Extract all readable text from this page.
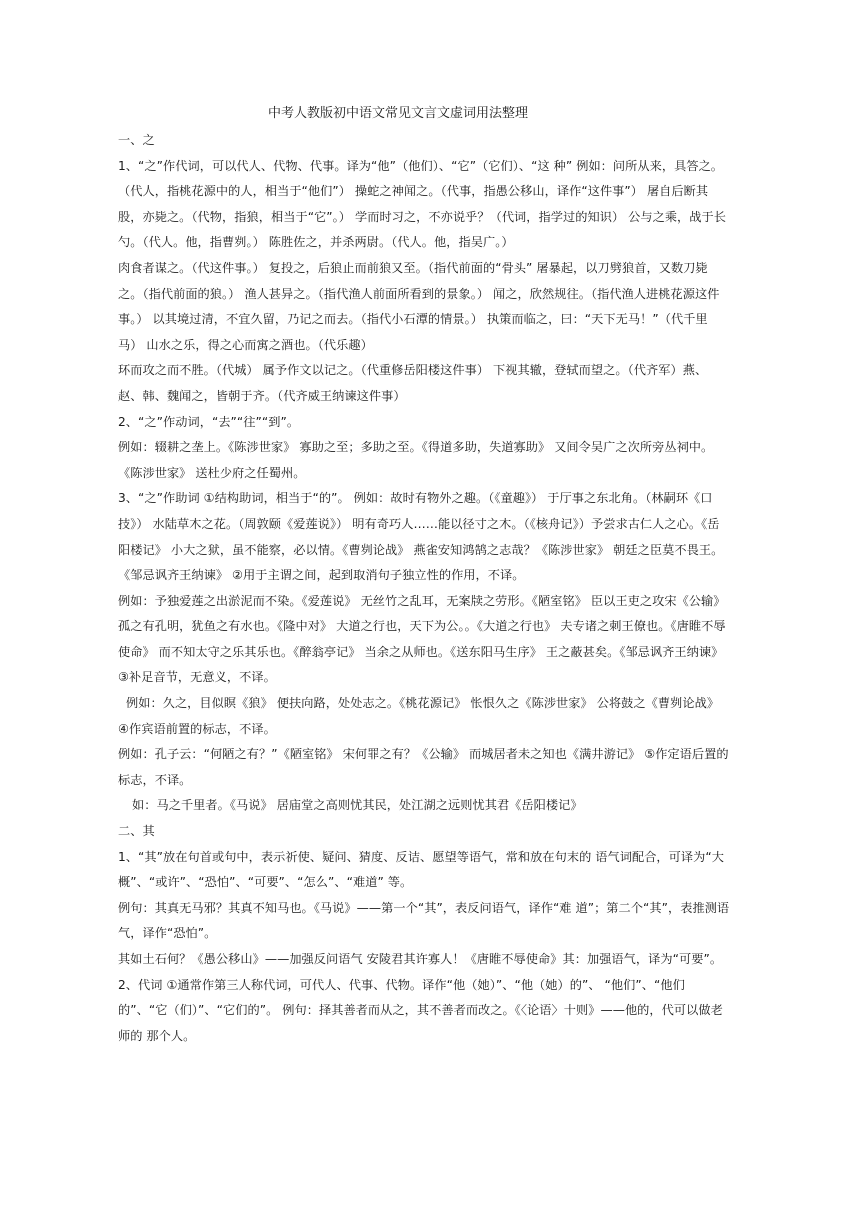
中考人教版初中语文常见文言文虚词用法整理

一、之

1、“之”作代词，可以代人、代物、代事。译为“他”（他们）、“它”（它们）、“这 种” 例如：问所从来，具答之。（代人，指桃花源中的人，相当于“他们”） 操蛇之神闻之。（代事，指愚公移山，译作“这件事”） 屠自后断其股，亦毙之。（代物，指狼，相当于“它”。） 学而时习之，不亦说乎？（代词，指学过的知识） 公与之乘，战于长勺。（代人。他，指曹刿。） 陈胜佐之，并杀两尉。（代人。他，指吴广。）

肉食者谋之。（代这件事。） 复投之，后狼止而前狼又至。（指代前面的“骨头” 屠暴起，以刀劈狼首，又数刀毙之。（指代前面的狼。） 渔人甚异之。（指代渔人前面所看到的景象。） 闻之，欣然规往。（指代渔人进桃花源这件事。） 以其境过清，不宜久留，乃记之而去。（指代小石潭的情景。） 执策而临之，曰：“天下无马！”（代千里马） 山水之乐，得之心而寓之酒也。（代乐趣）

环而攻之而不胜。（代城） 属予作文以记之。（代重修岳阳楼这件事） 下视其辙，登轼而望之。（代齐军）燕、赵、韩、魏闻之，皆朝于齐。（代齐威王纳谏这件事）

2、“之”作动词，“去”“往”“到”。

例如：辍耕之垄上。《陈涉世家》 寡助之至；多助之至。《得道多助，失道寡助》 又间令吴广之次所旁丛祠中。《陈涉世家》 送杜少府之任蜀州。

3、“之”作助词 ①结构助词，相当于“的”。 例如：故时有物外之趣。（《童趣》） 于厅事之东北角。（林嗣环《口技》） 水陆草木之花。（周敦颐《爱莲说》） 明有奇巧人……能以径寸之木。（《核舟记》）予尝求古仁人之心。《岳阳楼记》 小大之狱，虽不能察，必以情。《曹刿论战》 燕雀安知鸿鹄之志哉？《陈涉世家》 朝廷之臣莫不畏王。《邹忌讽齐王纳谏》 ②用于主谓之间，起到取消句子独立性的作用，不译。

例如：予独爱莲之出淤泥而不染。《爱莲说》 无丝竹之乱耳，无案牍之劳形。《陋室铭》 臣以王吏之攻宋《公输》 孤之有孔明，犹鱼之有水也。《隆中对》 大道之行也，天下为公。。《大道之行也》 夫专诸之刺王僚也。《唐睢不辱使命》 而不知太守之乐其乐也。《醉翁亭记》 当余之从师也。《送东阳马生序》 王之蔽甚矣。《邹忌讽齐王纳谏》 ③补足音节，无意义，不译。

例如：久之，目似瞑《狼》 便扶向路，处处志之。《桃花源记》 怅恨久之《陈涉世家》 公将鼓之《曹刿论战》 ④作宾语前置的标志，不译。

例如：孔子云：“何陋之有？”《陋室铭》 宋何罪之有？《公输》 而城居者未之知也《满井游记》 ⑤作定语后置的标志，不译。

如：马之千里者。《马说》 居庙堂之高则忧其民，处江湖之远则忧其君《岳阳楼记》

二、其

1、“其”放在句首或句中，表示祈使、疑问、猜度、反诘、愿望等语气，常和放在句末的 语气词配合，可译为“大概”、“或许”、“恐怕”、“可要”、“怎么”、“难道” 等。

例句：其真无马邪？其真不知马也。《马说》——第一个“其”，表反问语气，译作“难 道”；第二个“其”，表推测语气，译作“恐怕”。

其如土石何？《愚公移山》——加强反问语气 安陵君其许寡人！《唐睢不辱使命》其：加强语气，译为“可要”。

2、代词 ①通常作第三人称代词，可代人、代事、代物。译作“他（她）”、“他（她）的”、 “他们”、“他们的”、“它（们）”、“它们的”。 例句：择其善者而从之，其不善者而改之。《〈论语〉十则》——他的，代可以做老师的 那个人。
